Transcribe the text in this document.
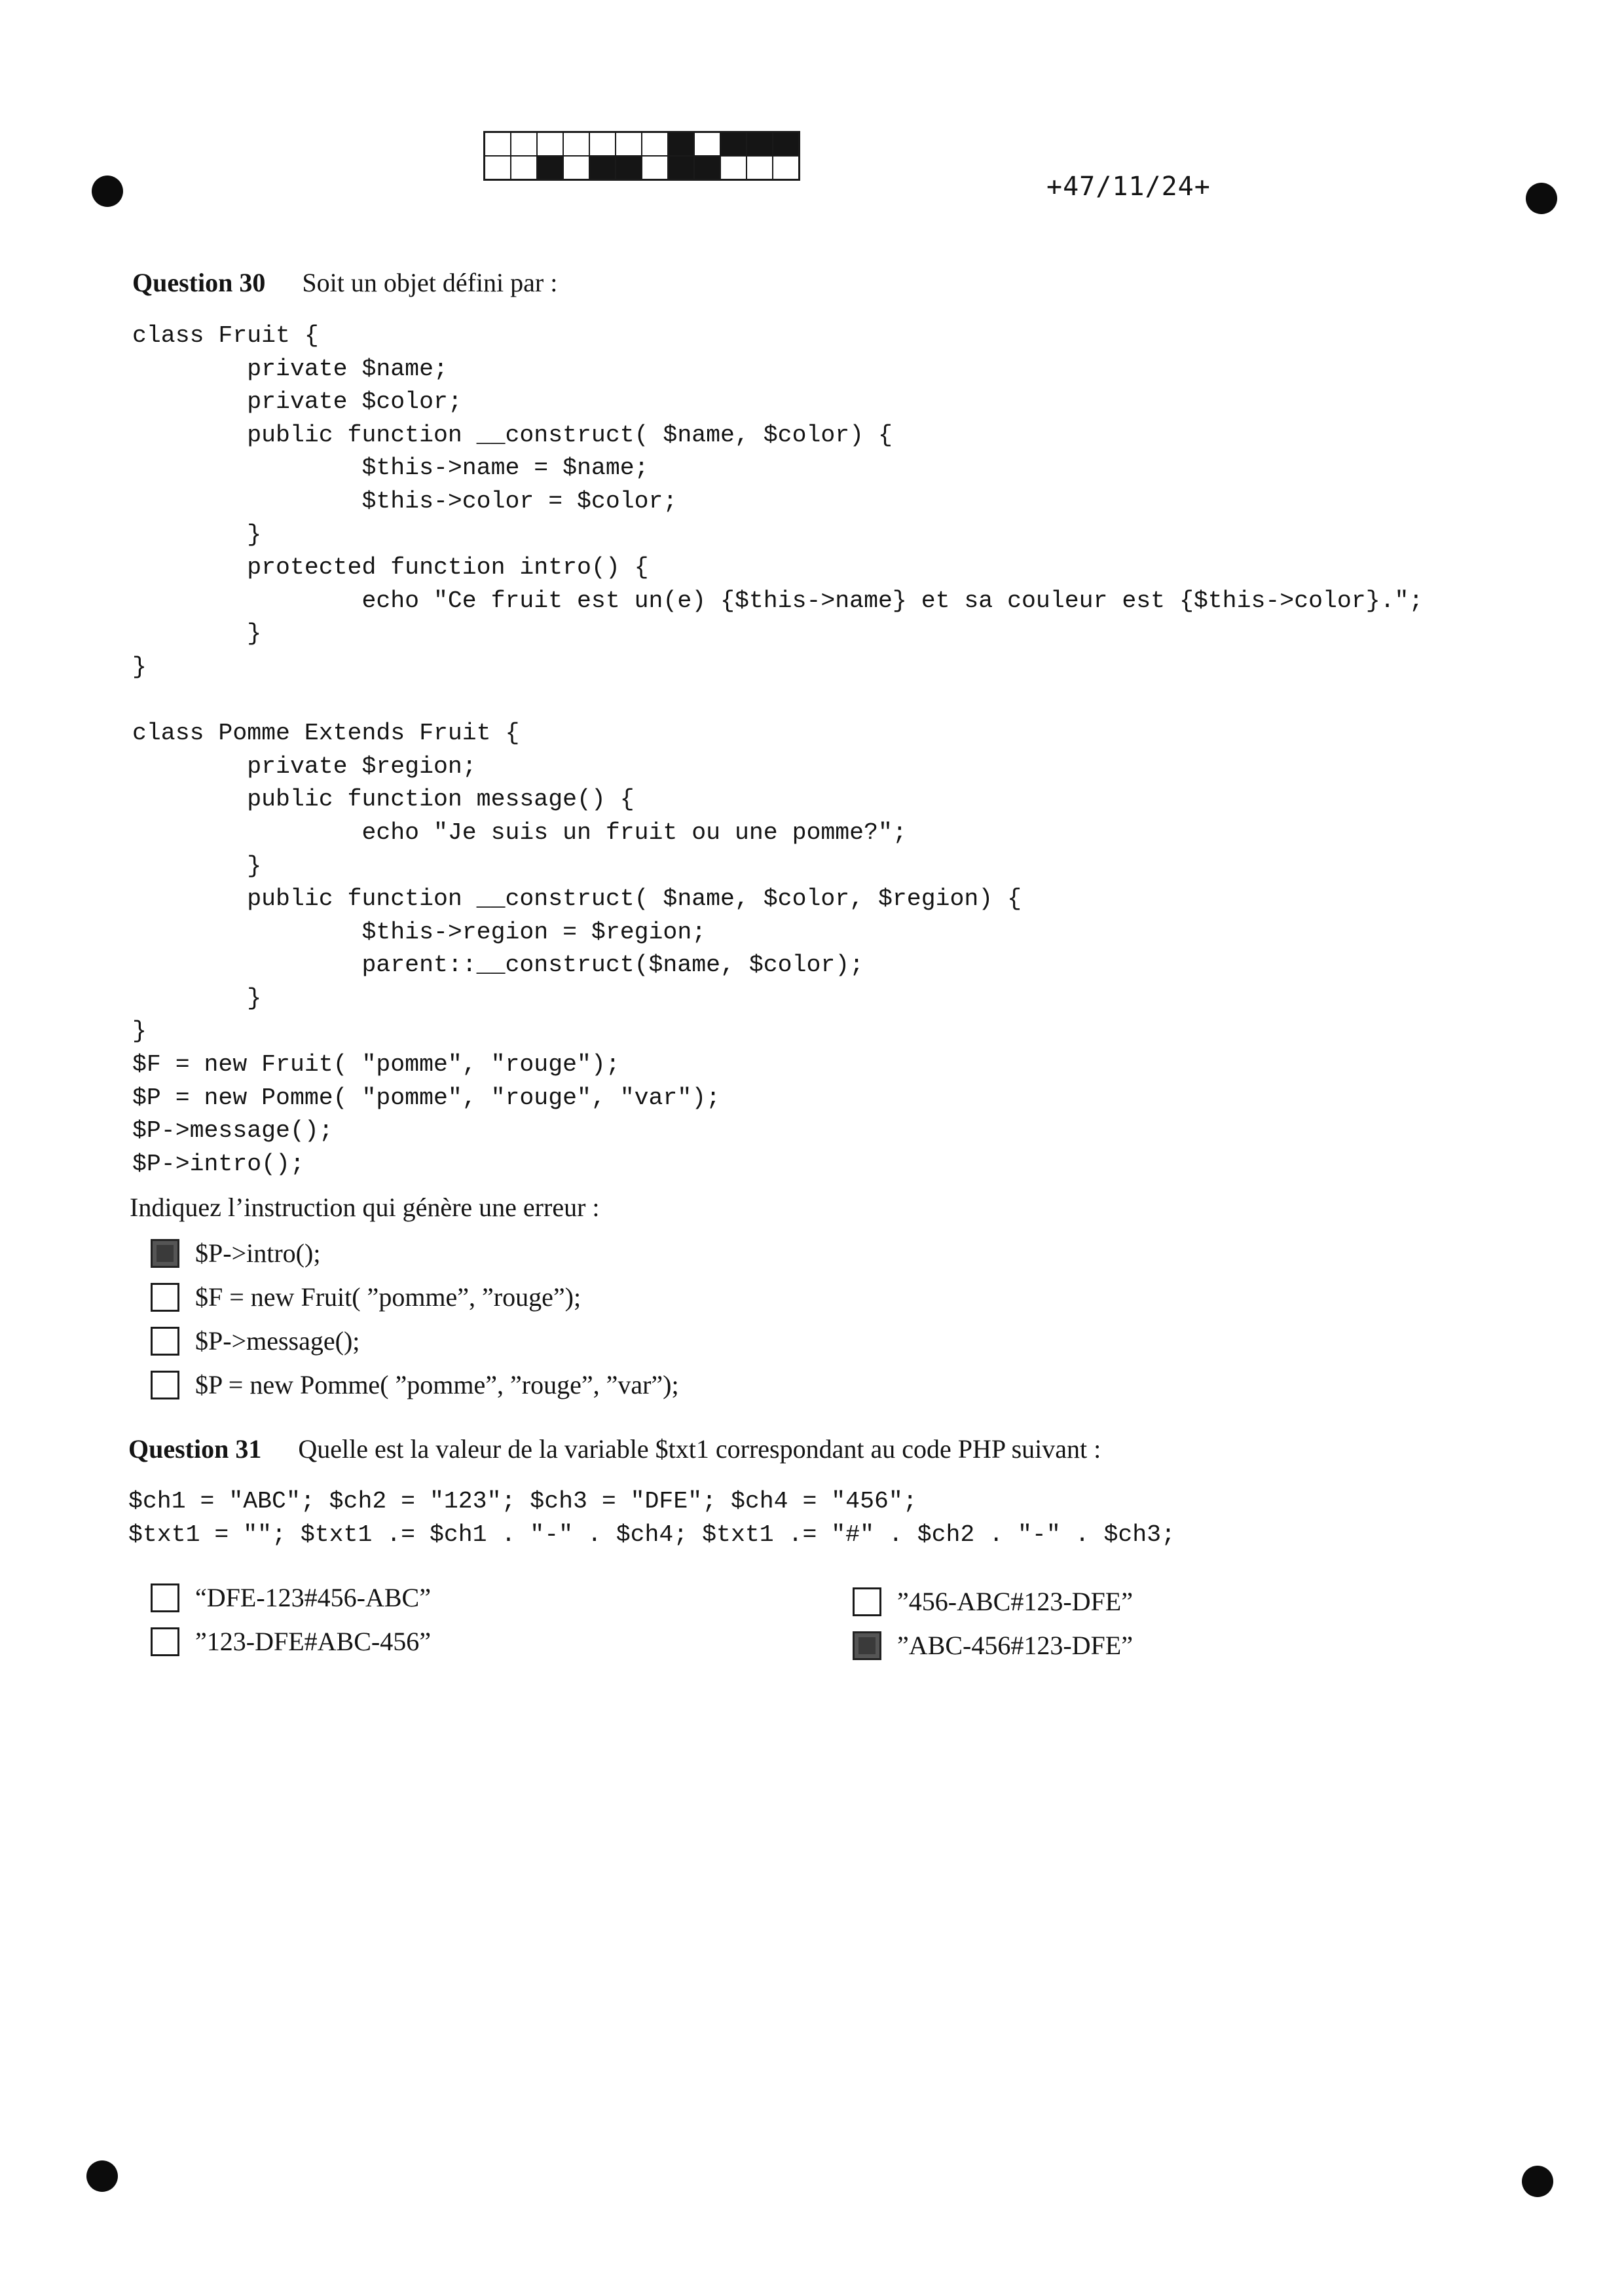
+47/11/24+
Question 30 Soit un objet défini par :
class Fruit {
private $name;
private $color;
public function __construct( $name, $color) {
$this->name = $name;
$this->color = $color;
}
protected function intro() {
echo "Ce fruit est un(e) {$this->name} et sa couleur est {$this->color}.";
}
}

class Pomme Extends Fruit {
private $region;
public function message() {
echo "Je suis un fruit ou une pomme?";
}
public function __construct( $name, $color, $region) {
$this->region = $region;
parent::__construct($name, $color);
}
}
$F = new Fruit( "pomme", "rouge");
$P = new Pomme( "pomme", "rouge", "var");
$P->message();
$P->intro();
Indiquez l’instruction qui génère une erreur :
$P->intro();
$F = new Fruit( ”pomme”, ”rouge”);
$P->message();
$P = new Pomme( ”pomme”, ”rouge”, ”var”);
Question 31 Quelle est la valeur de la variable $txt1 correspondant au code PHP suivant :
$ch1 = "ABC"; $ch2 = "123"; $ch3 = "DFE"; $ch4 = "456";
$txt1 = ""; $txt1 .= $ch1 . "-" . $ch4; $txt1 .= "#" . $ch2 . "-" . $ch3;
“DFE-123#456-ABC”
”123-DFE#ABC-456”
”456-ABC#123-DFE”
”ABC-456#123-DFE”
